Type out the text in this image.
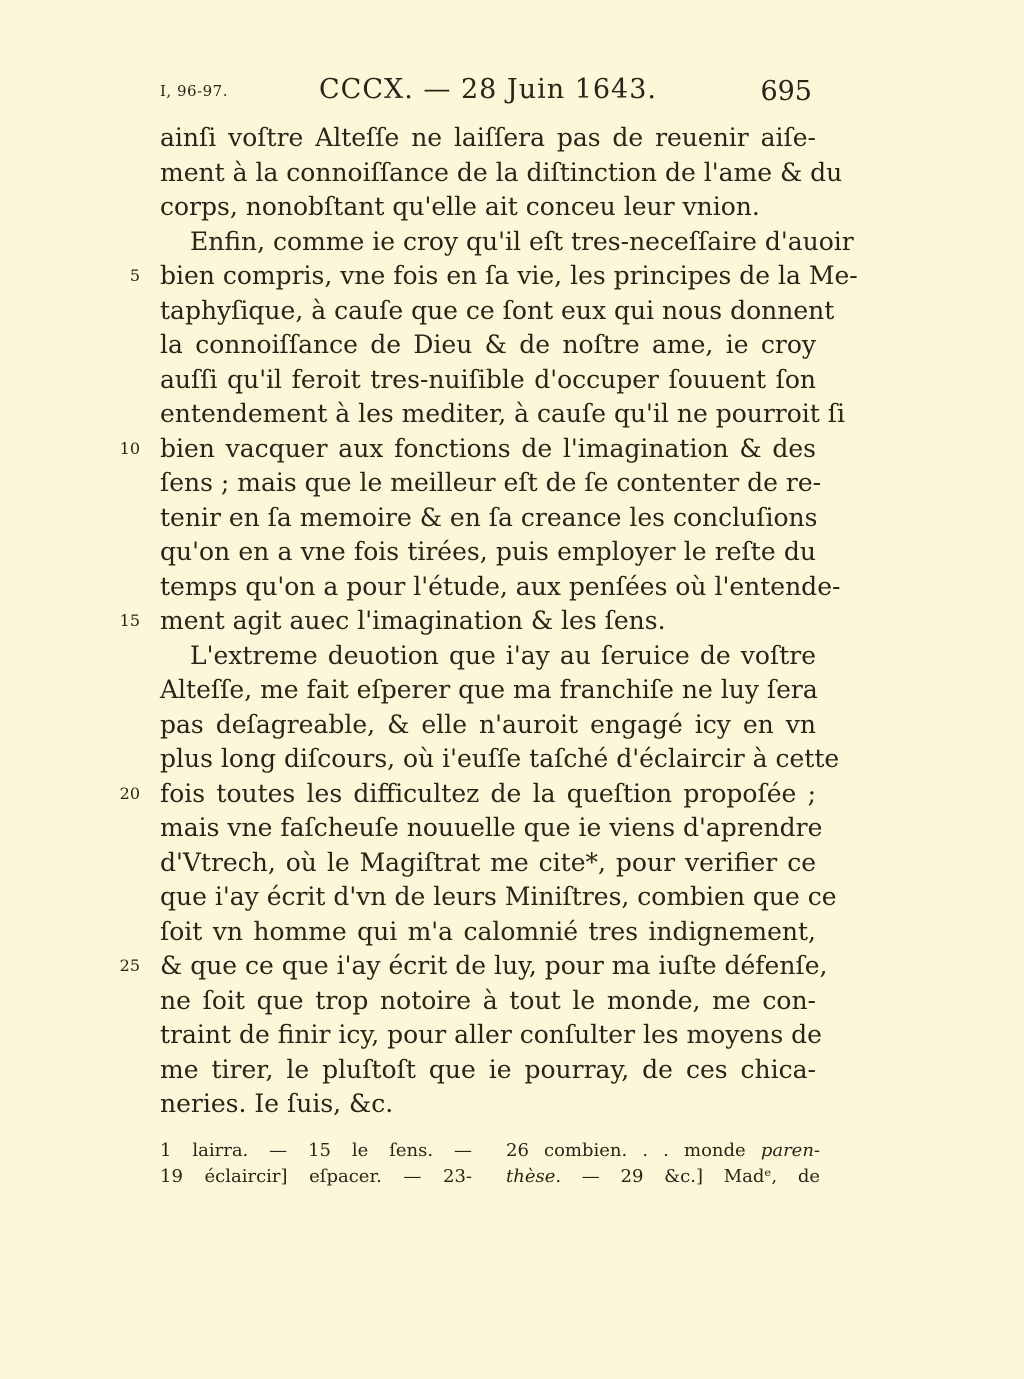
I, 96-97.	CCCX. — 28 Juin 1643.	695
ainſi voſtre Alteſſe ne laiſſera pas de reuenir aiſe-
ment à la connoiſſance de la diſtinction de l'ame & du
corps, nonobſtant qu'elle ait conceu leur vnion.
Enfin, comme ie croy qu'il eſt tres-neceſſaire d'auoir
bien compris, vne fois en ſa vie, les principes de la Me-
5
taphyſique, à cauſe que ce ſont eux qui nous donnent
la connoiſſance de Dieu & de noſtre ame, ie croy
auſſi qu'il feroit tres-nuiſible d'occuper ſouuent ſon
entendement à les mediter, à cauſe qu'il ne pourroit ſi
bien vacquer aux fonctions de l'imagination & des
10
ſens ; mais que le meilleur eſt de ſe contenter de re-
tenir en ſa memoire & en ſa creance les concluſions
qu'on en a vne fois tirées, puis employer le reſte du
temps qu'on a pour l'étude, aux penſées où l'entende-
ment agit auec l'imagination & les ſens.
15
L'extreme deuotion que i'ay au ſeruice de voſtre
Alteſſe, me fait eſperer que ma franchiſe ne luy ſera
pas deſagreable, & elle n'auroit engagé icy en vn
plus long diſcours, où i'euſſe taſché d'éclaircir à cette
fois toutes les difficultez de la queſtion propoſée ;
20
mais vne faſcheuſe nouuelle que ie viens d'aprendre
d'Vtrech, où le Magiſtrat me cite*, pour verifier ce
que i'ay écrit d'vn de leurs Miniſtres, combien que ce
ſoit vn homme qui m'a calomnié tres indignement,
& que ce que i'ay écrit de luy, pour ma iuſte défenſe,
25
ne ſoit que trop notoire à tout le monde, me con-
traint de finir icy, pour aller conſulter les moyens de
me tirer, le pluſtoſt que ie pourray, de ces chica-
neries. Ie ſuis, &c.
1 lairra. — 15 le ſens. —
19 éclaircir] eſpacer. — 23-
26 combien. . . monde paren-
thèse. — 29 &c.] Madᵉ, de
